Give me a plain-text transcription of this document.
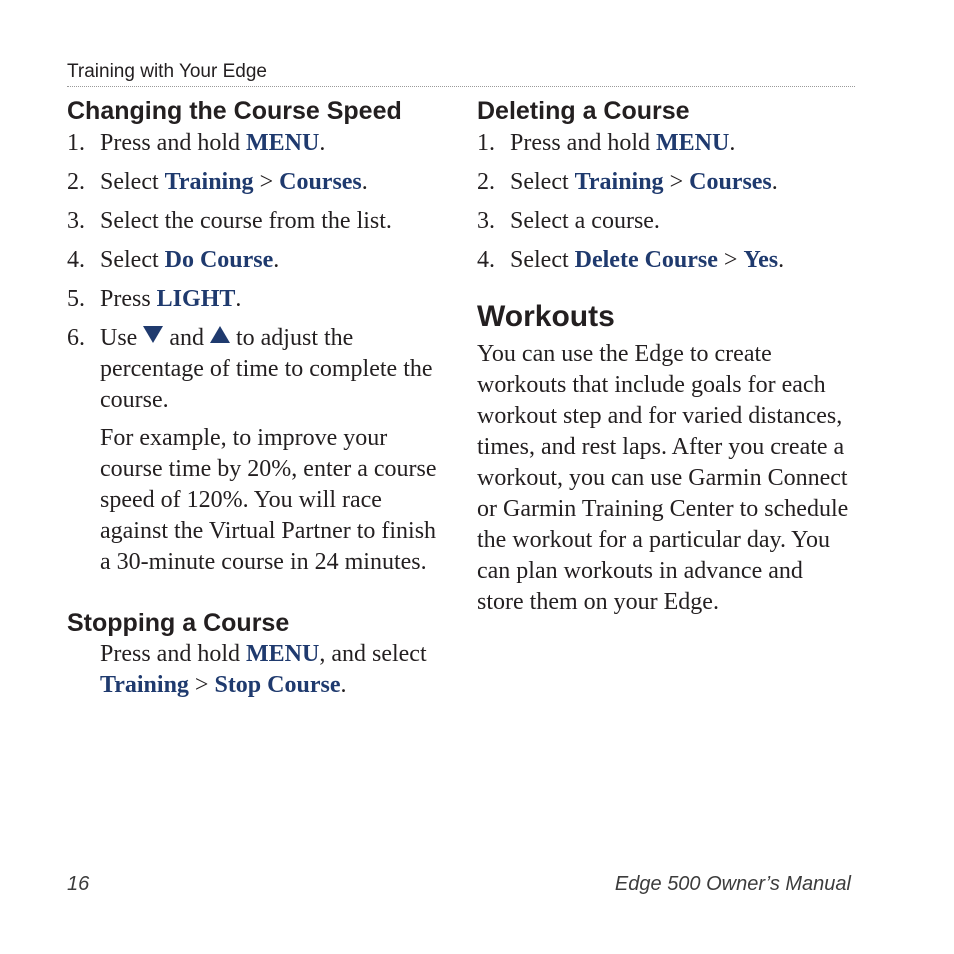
Training with Your Edge
Changing the Course Speed
1. Press and hold MENU.
2. Select Training > Courses.
3. Select the course from the list.
4. Select Do Course.
5. Press LIGHT.
6. Use  and  to adjust the percentage of time to complete the course.

For example, to improve your course time by 20%, enter a course speed of 120%. You will race against the Virtual Partner to finish a 30-minute course in 24 minutes.

Stopping a Course

Press and hold MENU, and select Training > Stop Course.

Deleting a Course
1. Press and hold MENU.
2. Select Training > Courses.
3. Select a course.
4. Select Delete Course > Yes.
Workouts

You can use the Edge to create workouts that include goals for each workout step and for varied distances, times, and rest laps. After you create a workout, you can use Garmin Connect or Garmin Training Center to schedule the workout for a particular day. You can plan workouts in advance and store them on your Edge.

16	Edge 500 Owner’s Manual
